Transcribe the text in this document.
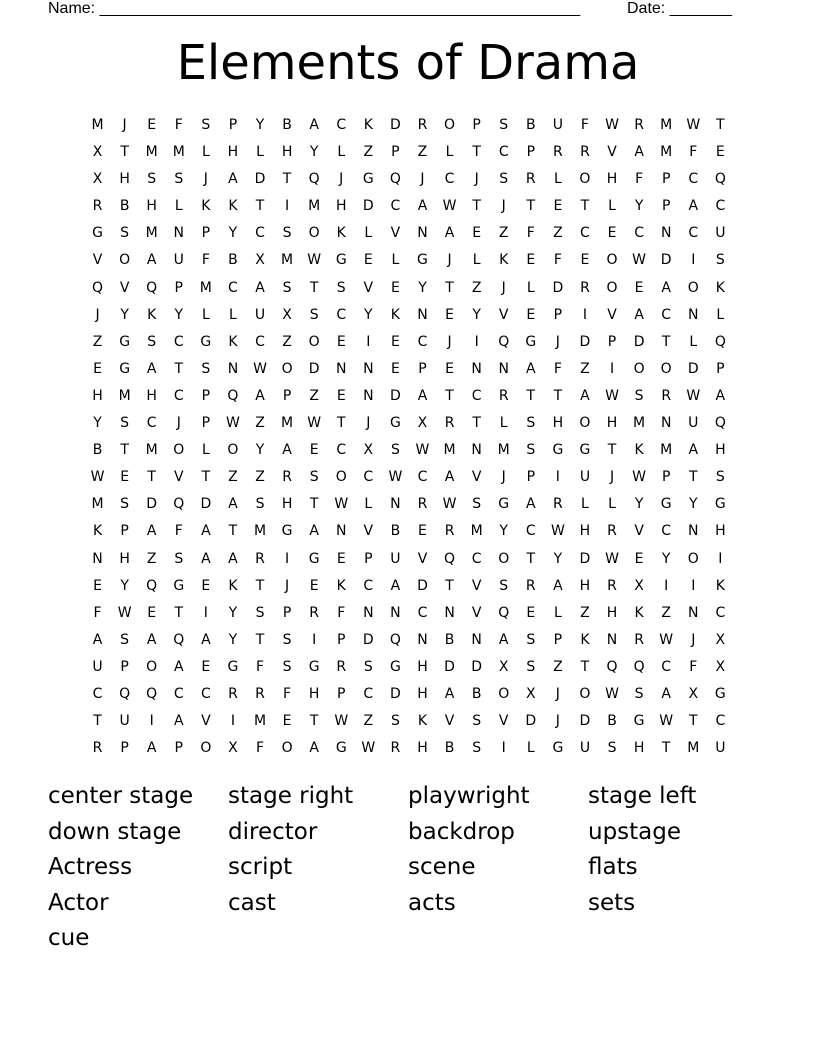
Name: ______________________________________________________	Date: _______
Elements of Drama
M	J	E	F	S	P	Y	B	A	C	K	D	R	O	P	S	B	U	F	W	R	M	W	T
X	T	M	M	L	H	L	H	Y	L	Z	P	Z	L	T	C	P	R	R	V	A	M	F	E
X	H	S	S	J	A	D	T	Q	J	G	Q	J	C	J	S	R	L	O	H	F	P	C	Q
R	B	H	L	K	K	T	I	M	H	D	C	A	W	T	J	T	E	T	L	Y	P	A	C
G	S	M	N	P	Y	C	S	O	K	L	V	N	A	E	Z	F	Z	C	E	C	N	C	U
V	O	A	U	F	B	X	M	W	G	E	L	G	J	L	K	E	F	E	O	W	D	I	S
Q	V	Q	P	M	C	A	S	T	S	V	E	Y	T	Z	J	L	D	R	O	E	A	O	K
J	Y	K	Y	L	L	U	X	S	C	Y	K	N	E	Y	V	E	P	I	V	A	C	N	L
Z	G	S	C	G	K	C	Z	O	E	I	E	C	J	I	Q	G	J	D	P	D	T	L	Q
E	G	A	T	S	N	W	O	D	N	N	E	P	E	N	N	A	F	Z	I	O	O	D	P
H	M	H	C	P	Q	A	P	Z	E	N	D	A	T	C	R	T	T	A	W	S	R	W	A
Y	S	C	J	P	W	Z	M	W	T	J	G	X	R	T	L	S	H	O	H	M	N	U	Q
B	T	M	O	L	O	Y	A	E	C	X	S	W	M	N	M	S	G	G	T	K	M	A	H
W	E	T	V	T	Z	Z	R	S	O	C	W	C	A	V	J	P	I	U	J	W	P	T	S
M	S	D	Q	D	A	S	H	T	W	L	N	R	W	S	G	A	R	L	L	Y	G	Y	G
K	P	A	F	A	T	M	G	A	N	V	B	E	R	M	Y	C	W	H	R	V	C	N	H
N	H	Z	S	A	A	R	I	G	E	P	U	V	Q	C	O	T	Y	D	W	E	Y	O	I
E	Y	Q	G	E	K	T	J	E	K	C	A	D	T	V	S	R	A	H	R	X	I	I	K
F	W	E	T	I	Y	S	P	R	F	N	N	C	N	V	Q	E	L	Z	H	K	Z	N	C
A	S	A	Q	A	Y	T	S	I	P	D	Q	N	B	N	A	S	P	K	N	R	W	J	X
U	P	O	A	E	G	F	S	G	R	S	G	H	D	D	X	S	Z	T	Q	Q	C	F	X
C	Q	Q	C	C	R	R	F	H	P	C	D	H	A	B	O	X	J	O	W	S	A	X	G
T	U	I	A	V	I	M	E	T	W	Z	S	K	V	S	V	D	J	D	B	G	W	T	C
R	P	A	P	O	X	F	O	A	G	W	R	H	B	S	I	L	G	U	S	H	T	M	U
center stage	stage right	playwright	stage left
down stage	director	backdrop	upstage
Actress	script	scene	flats
Actor	cast	acts	sets
cue
